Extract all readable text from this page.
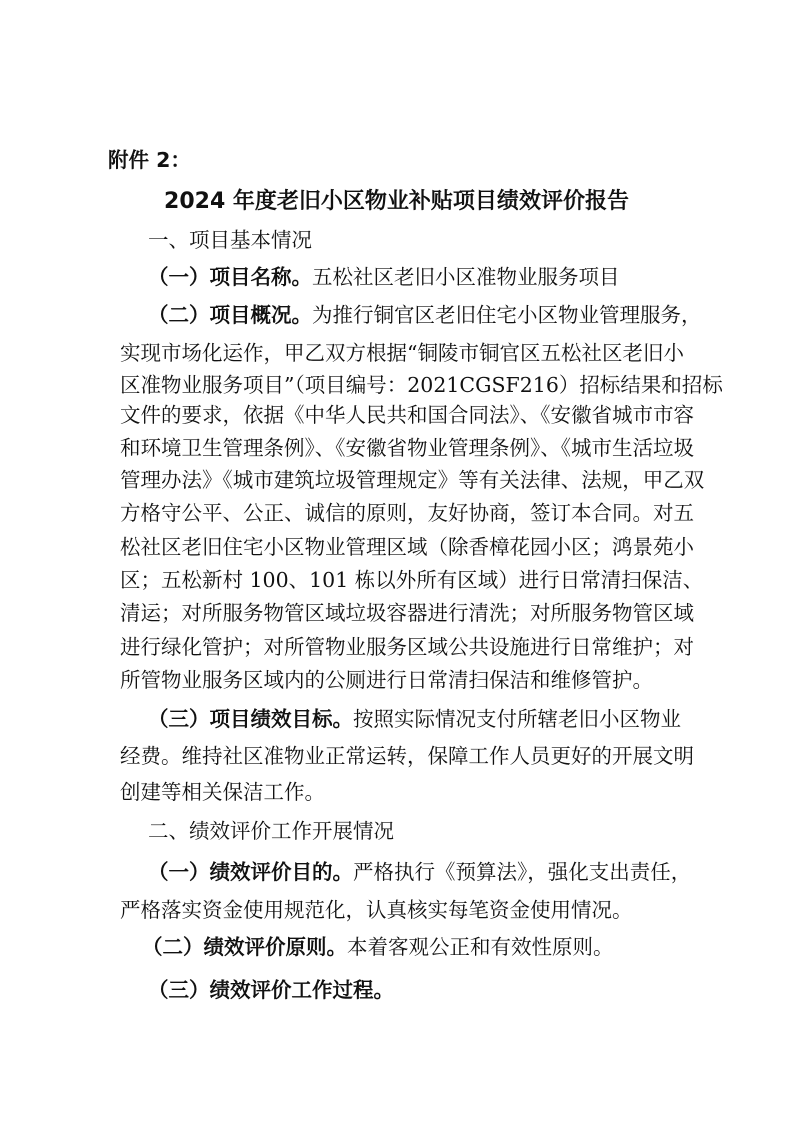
附件 2：
2024 年度老旧小区物业补贴项目绩效评价报告
一、项目基本情况
（一）项目名称。五松社区老旧小区准物业服务项目
（二）项目概况。 为推行铜官区老旧住宅小区物业管理服务，
实现市场化运作，甲乙双方根据“铜陵市铜官区五松社区老旧小
区准物业服务项目”（项目编号：2021CGSF216）招标结果和招标
文件的要求，依据《中华人民共和国合同法》、《安徽省城市市容
和环境卫生管理条例》、《安徽省物业管理条例》、《城市生活垃圾
管理办法》《城市建筑垃圾管理规定》等有关法律、法规，甲乙双
方格守公平、公正、诚信的原则，友好协商，签订本合同。对五
松社区老旧住宅小区物业管理区域（除香樟花园小区；鸿景苑小
区；五松新村 100、101 栋以外所有区域）进行日常清扫保洁、
清运；对所服务物管区域垃圾容器进行清洗；对所服务物管区域
进行绿化管护；对所管物业服务区域公共设施进行日常维护；对
所管物业服务区域内的公厕进行日常清扫保洁和维修管护。
（三）项目绩效目标。 按照实际情况支付所辖老旧小区物业
经费。维持社区准物业正常运转，保障工作人员更好的开展文明
创建等相关保洁工作。
二、绩效评价工作开展情况
（一）绩效评价目的。 严格执行《预算法》，强化支出责任，
严格落实资金使用规范化，认真核实每笔资金使用情况。
（二）绩效评价原则。本着客观公正和有效性原则。
（三）绩效评价工作过程。
